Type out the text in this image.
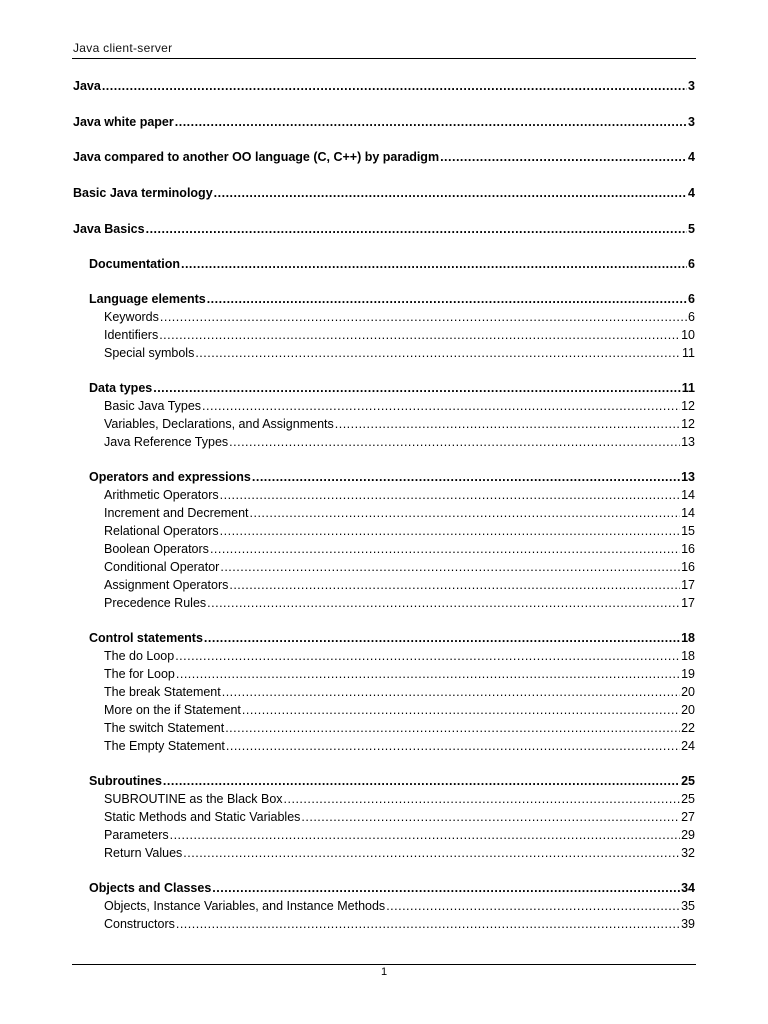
Java client-server
Java .....	3
Java white paper .....	3
Java compared to another OO language (C, C++) by paradigm .....	4
Basic Java terminology .....	4
Java Basics .....	5
Documentation .....	6
Language elements .....	6
Keywords .....	6
Identifiers .....	10
Special symbols .....	11
Data types .....	11
Basic Java Types .....	12
Variables, Declarations, and Assignments .....	12
Java Reference Types .....	13
Operators and expressions .....	13
Arithmetic Operators .....	14
Increment and Decrement .....	14
Relational Operators .....	15
Boolean Operators .....	16
Conditional Operator .....	16
Assignment Operators .....	17
Precedence Rules .....	17
Control statements .....	18
The do Loop .....	18
The for Loop .....	19
The break Statement .....	20
More on the if Statement .....	20
The switch Statement .....	22
The Empty Statement .....	24
Subroutines .....	25
SUBROUTINE as the Black Box .....	25
Static Methods and Static Variables .....	27
Parameters .....	29
Return Values .....	32
Objects and Classes .....	34
Objects, Instance Variables, and Instance Methods .....	35
Constructors .....	39
1
